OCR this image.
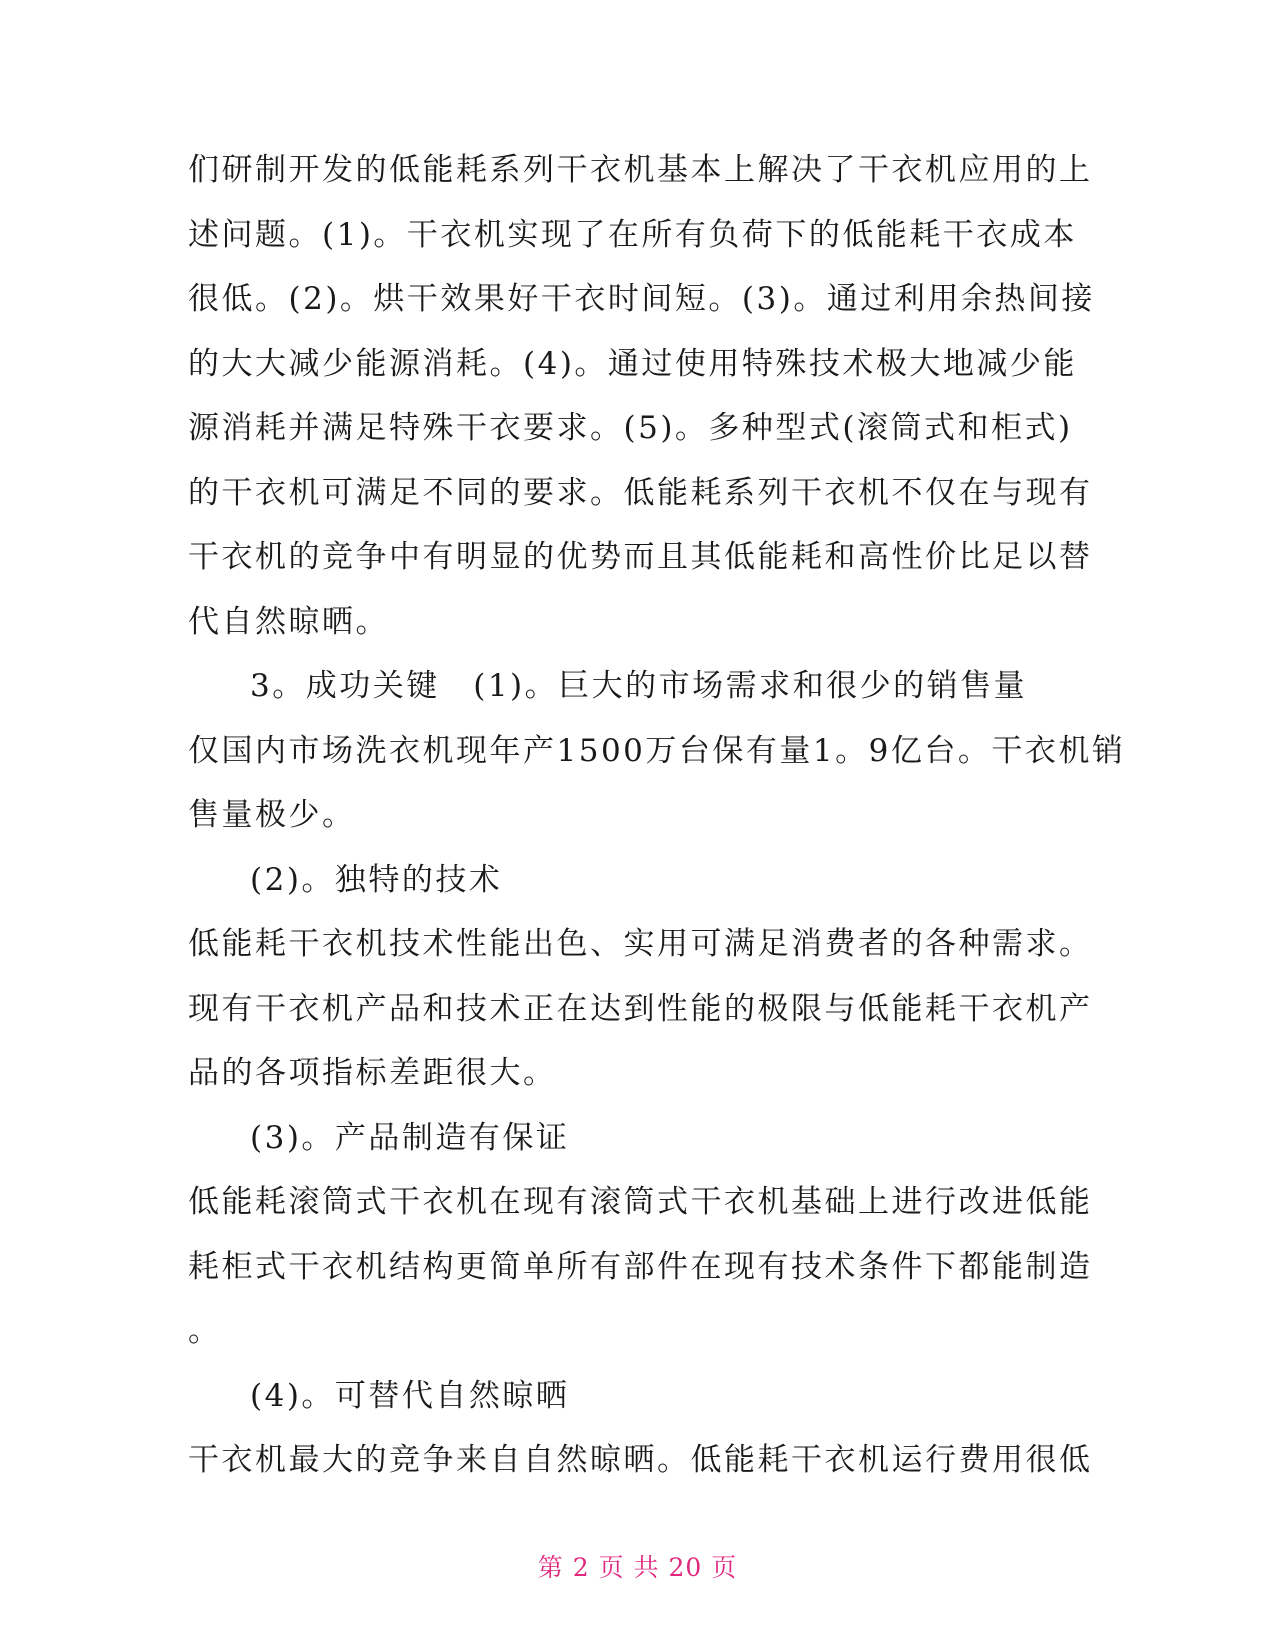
们研制开发的低能耗系列干衣机基本上解决了干衣机应用的上
述问题。(1)。干衣机实现了在所有负荷下的低能耗干衣成本
很低。(2)。烘干效果好干衣时间短。(3)。通过利用余热间接
的大大减少能源消耗。(4)。通过使用特殊技术极大地减少能
源消耗并满足特殊干衣要求。(5)。多种型式(滚筒式和柜式)
的干衣机可满足不同的要求。低能耗系列干衣机不仅在与现有
干衣机的竞争中有明显的优势而且其低能耗和高性价比足以替
代自然晾晒。
3。成功关键　(1)。巨大的市场需求和很少的销售量
仅国内市场洗衣机现年产1500万台保有量1。9亿台。干衣机销
售量极少。
(2)。独特的技术
低能耗干衣机技术性能出色、实用可满足消费者的各种需求。
现有干衣机产品和技术正在达到性能的极限与低能耗干衣机产
品的各项指标差距很大。
(3)。产品制造有保证
低能耗滚筒式干衣机在现有滚筒式干衣机基础上进行改进低能
耗柜式干衣机结构更简单所有部件在现有技术条件下都能制造
。
(4)。可替代自然晾晒
干衣机最大的竞争来自自然晾晒。低能耗干衣机运行费用很低
第 2 页 共 20 页
